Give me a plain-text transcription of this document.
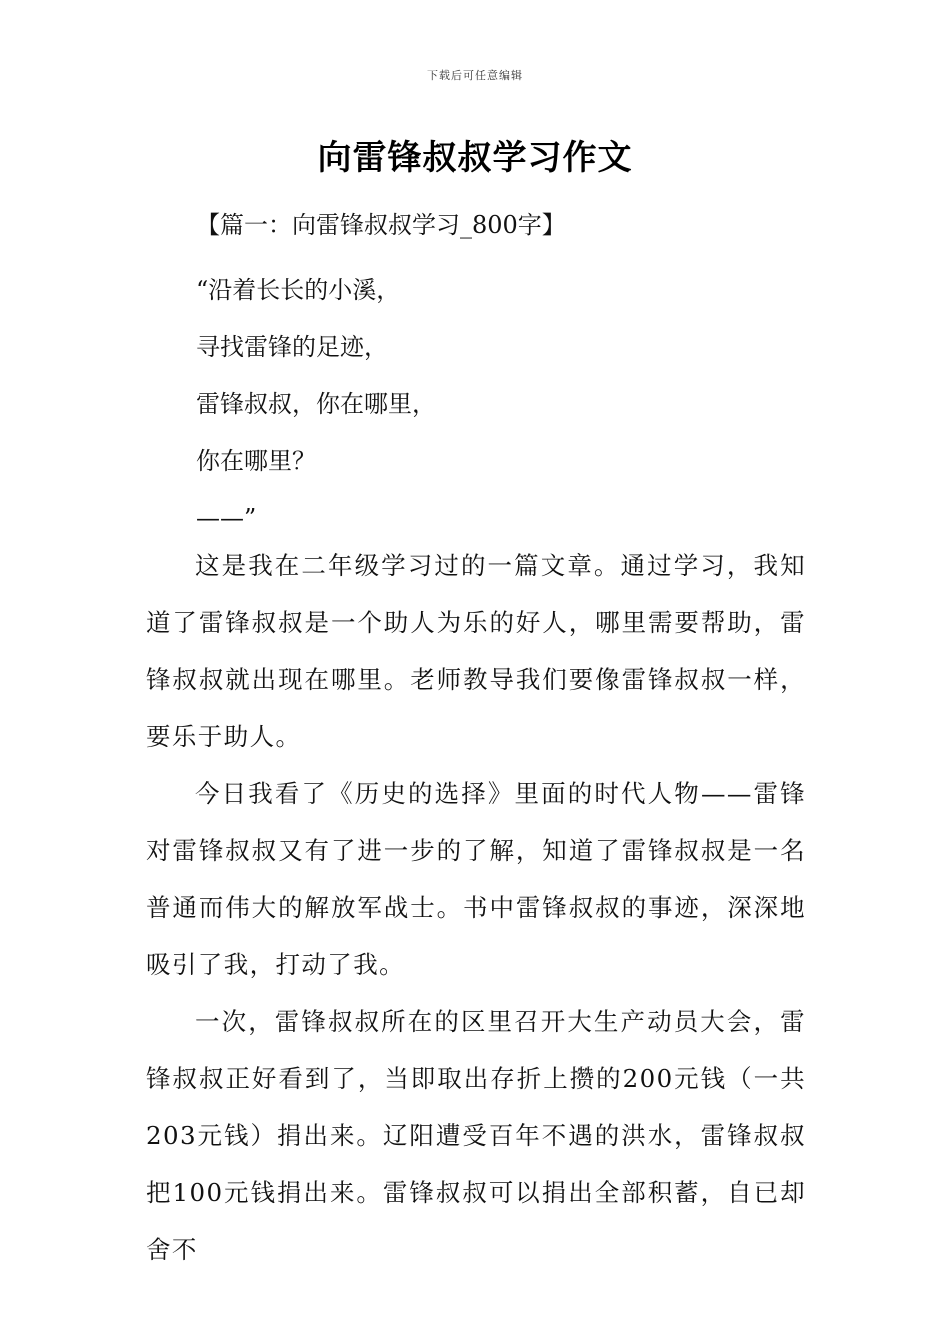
下载后可任意编辑
向雷锋叔叔学习作文
【篇一：向雷锋叔叔学习_800字】
“沿着长长的小溪，
寻找雷锋的足迹，
雷锋叔叔，你在哪里，
你在哪里？
——”

这是我在二年级学习过的一篇文章。通过学习，我知道了雷锋叔叔是一个助人为乐的好人，哪里需要帮助，雷锋叔叔就出现在哪里。老师教导我们要像雷锋叔叔一样，要乐于助人。

今日我看了《历史的选择》里面的时代人物——雷锋对雷锋叔叔又有了进一步的了解，知道了雷锋叔叔是一名普通而伟大的解放军战士。书中雷锋叔叔的事迹，深深地吸引了我，打动了我。

一次，雷锋叔叔所在的区里召开大生产动员大会，雷锋叔叔正好看到了，当即取出存折上攒的200元钱（一共203元钱）捐出来。辽阳遭受百年不遇的洪水，雷锋叔叔把100元钱捐出来。雷锋叔叔可以捐出全部积蓄，自已却舍不
